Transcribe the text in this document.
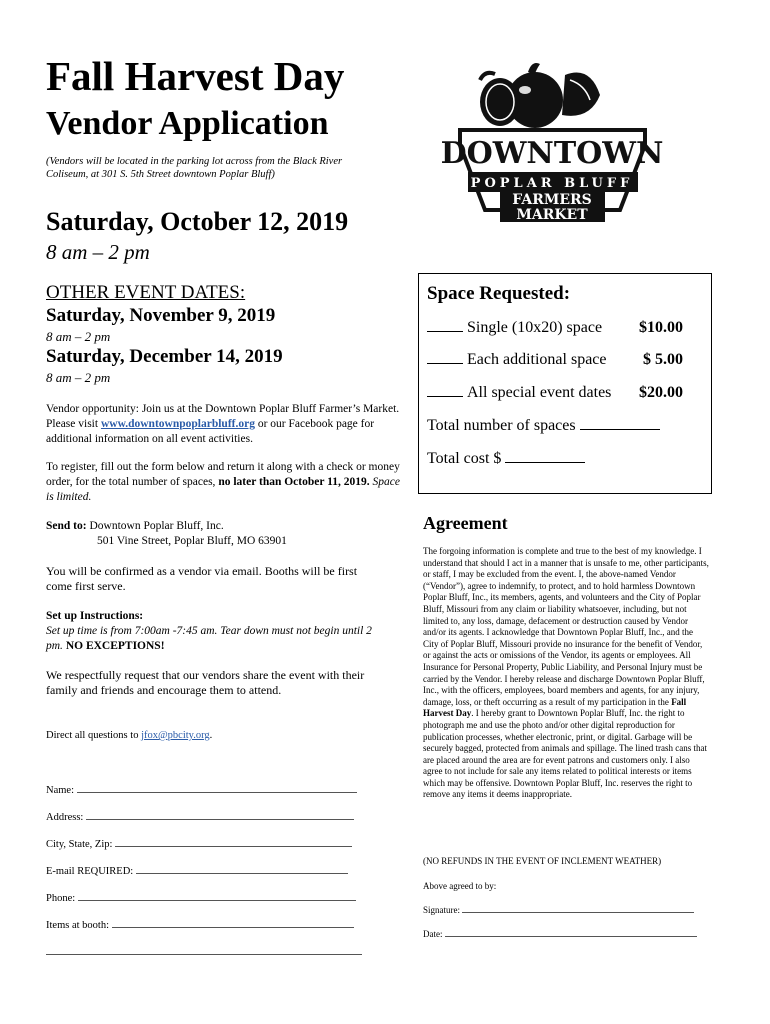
Fall Harvest Day
Vendor Application
(Vendors will be located in the parking lot across from the Black River Coliseum, at 301 S. 5th Street downtown Poplar Bluff)
DOWNTOWN
POPLAR BLUFF
FARMERS
MARKET
Saturday, October 12, 2019
8 am – 2 pm
OTHER EVENT DATES:
Saturday, November 9, 2019
8 am – 2 pm
Saturday, December 14, 2019
8 am – 2 pm
Vendor opportunity: Join us at the Downtown Poplar Bluff Farmer’s Market. Please visit www.downtownpoplarbluff.org or our Facebook page for additional information on all event activities.
To register, fill out the form below and return it along with a check or money order, for the total number of spaces, no later than October 11, 2019. Space is limited.
Send to: Downtown Poplar Bluff, Inc.
501 Vine Street, Poplar Bluff, MO 63901
You will be confirmed as a vendor via email. Booths will be first come first serve.
Set up Instructions:
Set up time is from 7:00am -7:45 am. Tear down must not begin until 2 pm. NO EXCEPTIONS!
We respectfully request that our vendors share the event with their family and friends and encourage them to attend.
Direct all questions to jfox@pbcity.org.
Name:
Address:
City, State, Zip:
E-mail REQUIRED:
Phone:
Items at booth:
Space Requested:
Single (10x20) space $10.00
Each additional space $ 5.00
All special event dates $20.00
Total number of spaces
Total cost $
Agreement
The forgoing information is complete and true to the best of my knowledge. I understand that should I act in a manner that is unsafe to me, other participants, or staff, I may be excluded from the event. I, the above-named Vendor (“Vendor”), agree to indemnify, to protect, and to hold harmless Downtown Poplar Bluff, Inc., its members, agents, and volunteers and the City of Poplar Bluff, Missouri from any claim or liability whatsoever, including, but not limited to, any loss, damage, defacement or destruction caused by Vendor and/or its agents. I acknowledge that Downtown Poplar Bluff, Inc., and the City of Poplar Bluff, Missouri provide no insurance for the benefit of Vendor, or against the acts or omissions of the Vendor, its agents or employees. All Insurance for Personal Property, Public Liability, and Personal Injury must be carried by the Vendor. I hereby release and discharge Downtown Poplar Bluff, Inc., with the officers, employees, board members and agents, for any injury, damage, loss, or theft occurring as a result of my participation in the Fall Harvest Day. I hereby grant to Downtown Poplar Bluff, Inc. the right to photograph me and use the photo and/or other digital reproduction for publication processes, whether electronic, print, or digital. Garbage will be securely bagged, protected from animals and spillage. The lined trash cans that are placed around the area are for event patrons and customers only. I also agree to not include for sale any items related to political interests or items which may be offensive. Downtown Poplar Bluff, Inc. reserves the right to remove any items it deems inappropriate.
(NO REFUNDS IN THE EVENT OF INCLEMENT WEATHER)
Above agreed to by:
Signature:
Date:
